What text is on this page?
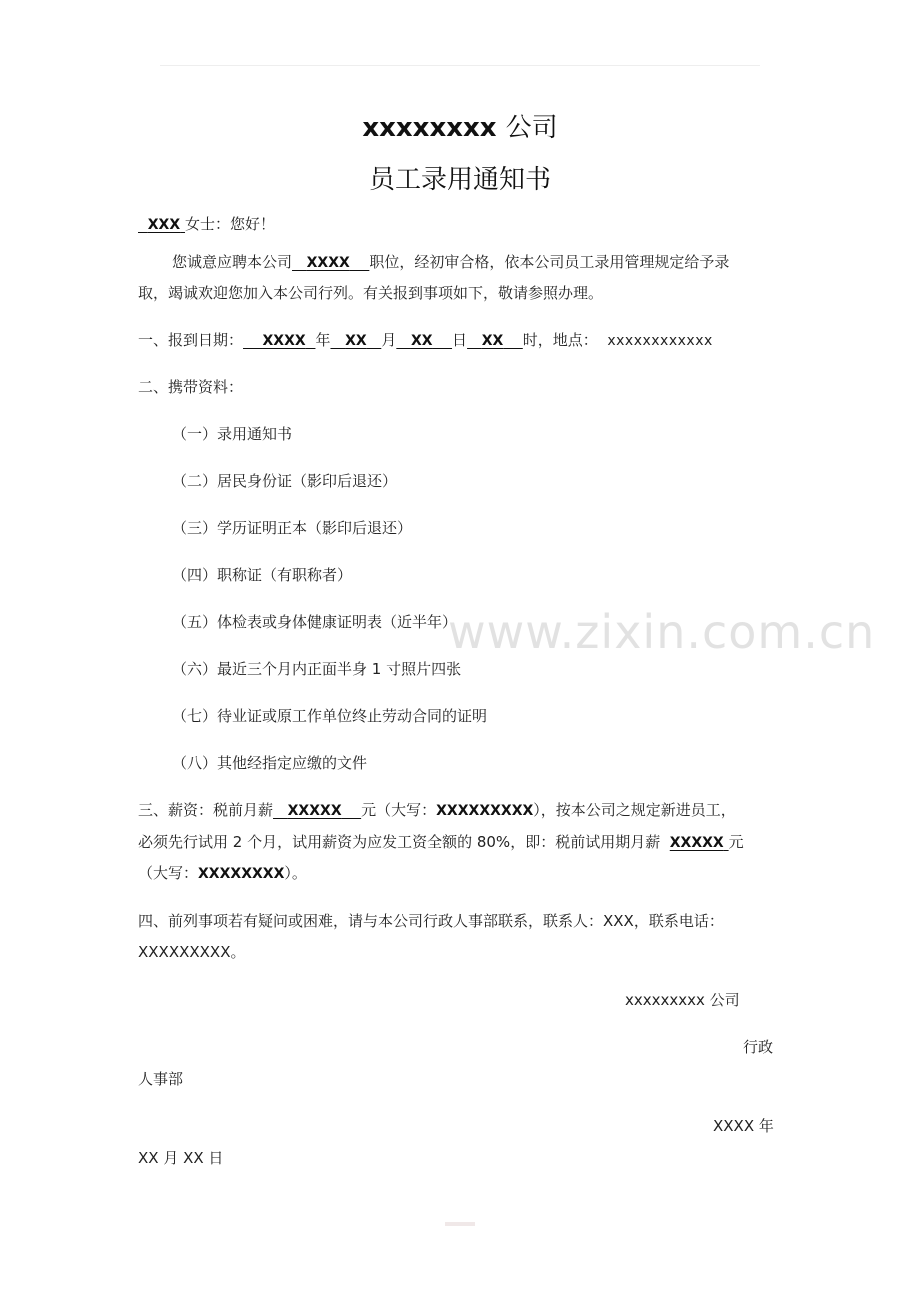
xxxxxxxx 公司
员工录用通知书
XXX 女士：您好！
您诚意应聘本公司 XXXX 职位，经初审合格，依本公司员工录用管理规定给予录
取，竭诚欢迎您加入本公司行列。有关报到事项如下，敬请参照办理。
一、报到日期： XXXX 年 XX 月 XX 日 XX 时，地点： xxxxxxxxxxxx
二、携带资料：
（一）录用通知书
（二）居民身份证（影印后退还）
（三）学历证明正本（影印后退还）
（四）职称证（有职称者）
（五）体检表或身体健康证明表（近半年）
（六）最近三个月内正面半身 1 寸照片四张
（七）待业证或原工作单位终止劳动合同的证明
（八）其他经指定应缴的文件
www.zixin.com.cn
三、薪资：税前月薪 XXXXX 元（大写：XXXXXXXXX），按本公司之规定新进员工，
必须先行试用 2 个月，试用薪资为应发工资全额的 80%，即：税前试用期月薪 XXXXX 元
（大写：XXXXXXXX）。
四、前列事项若有疑问或困难，请与本公司行政人事部联系，联系人：XXX，联系电话：
XXXXXXXXX。
xxxxxxxxx 公司
行政
人事部
XXXX 年
XX 月 XX 日
